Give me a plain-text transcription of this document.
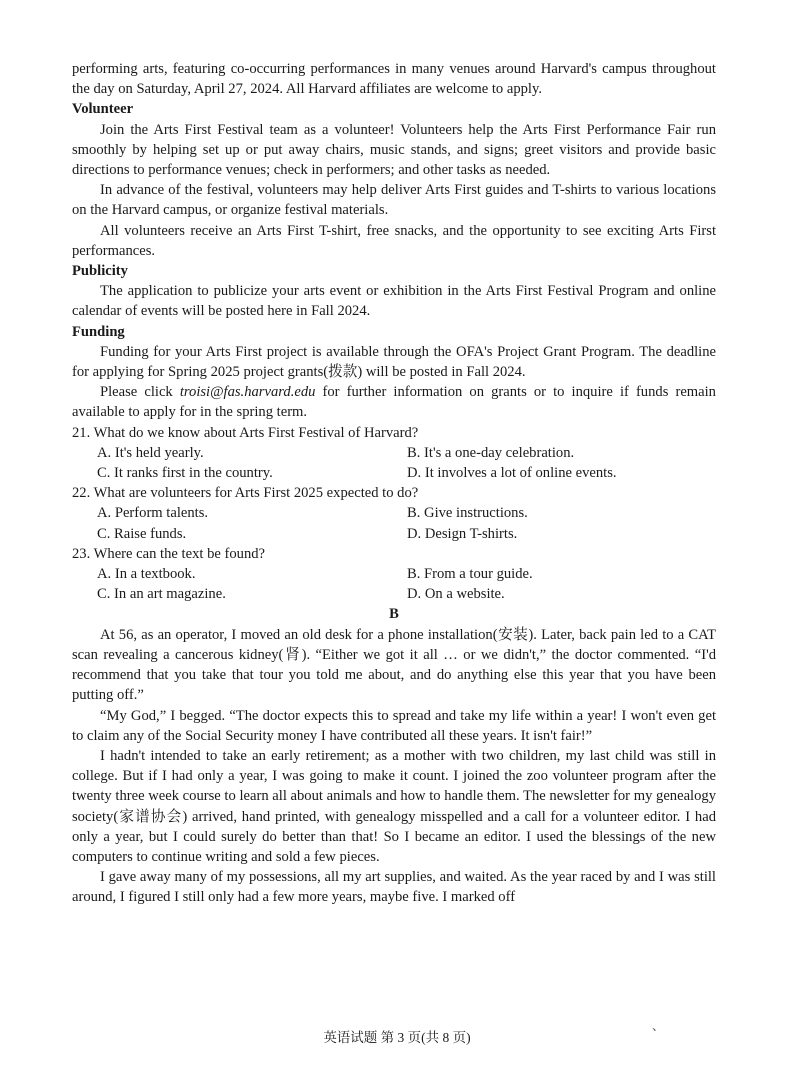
performing arts, featuring co-occurring performances in many venues around Harvard's campus throughout the day on Saturday, April 27, 2024. All Harvard affiliates are welcome to apply.

Volunteer

Join the Arts First Festival team as a volunteer! Volunteers help the Arts First Performance Fair run smoothly by helping set up or put away chairs, music stands, and signs; greet visitors and provide basic directions to performance venues; check in performers; and other tasks as needed.

In advance of the festival, volunteers may help deliver Arts First guides and T-shirts to various locations on the Harvard campus, or organize festival materials.

All volunteers receive an Arts First T-shirt, free snacks, and the opportunity to see exciting Arts First performances.

Publicity

The application to publicize your arts event or exhibition in the Arts First Festival Program and online calendar of events will be posted here in Fall 2024.

Funding

Funding for your Arts First project is available through the OFA's Project Grant Program. The deadline for applying for Spring 2025 project grants(拨款) will be posted in Fall 2024.

Please click troisi@fas.harvard.edu for further information on grants or to inquire if funds remain available to apply for in the spring term.

21. What do we know about Arts First Festival of Harvard?

A. It's held yearly.	B. It's a one-day celebration.

C. It ranks first in the country.	D. It involves a lot of online events.

22. What are volunteers for Arts First 2025 expected to do?

A. Perform talents.	B. Give instructions.

C. Raise funds.	D. Design T-shirts.

23. Where can the text be found?

A. In a textbook.	B. From a tour guide.

C. In an art magazine.	D. On a website.

B

At 56, as an operator, I moved an old desk for a phone installation(安装). Later, back pain led to a CAT scan revealing a cancerous kidney(肾). “Either we got it all … or we didn't,” the doctor commented. “I'd recommend that you take that tour you told me about, and do anything else this year that you have been putting off.”

“My God,” I begged. “The doctor expects this to spread and take my life within a year! I won't even get to claim any of the Social Security money I have contributed all these years. It isn't fair!”

I hadn't intended to take an early retirement; as a mother with two children, my last child was still in college. But if I had only a year, I was going to make it count. I joined the zoo volunteer program after the twenty three week course to learn all about animals and how to handle them. The newsletter for my genealogy society(家谱协会) arrived, hand printed, with genealogy misspelled and a call for a volunteer editor. I had only a year, but I could surely do better than that! So I became an editor. I used the blessings of the new computers to continue writing and sold a few pieces.

I gave away many of my possessions, all my art supplies, and waited. As the year raced by and I was still around, I figured I still only had a few more years, maybe five. I marked off

英语试题 第 3 页(共 8 页)
、
